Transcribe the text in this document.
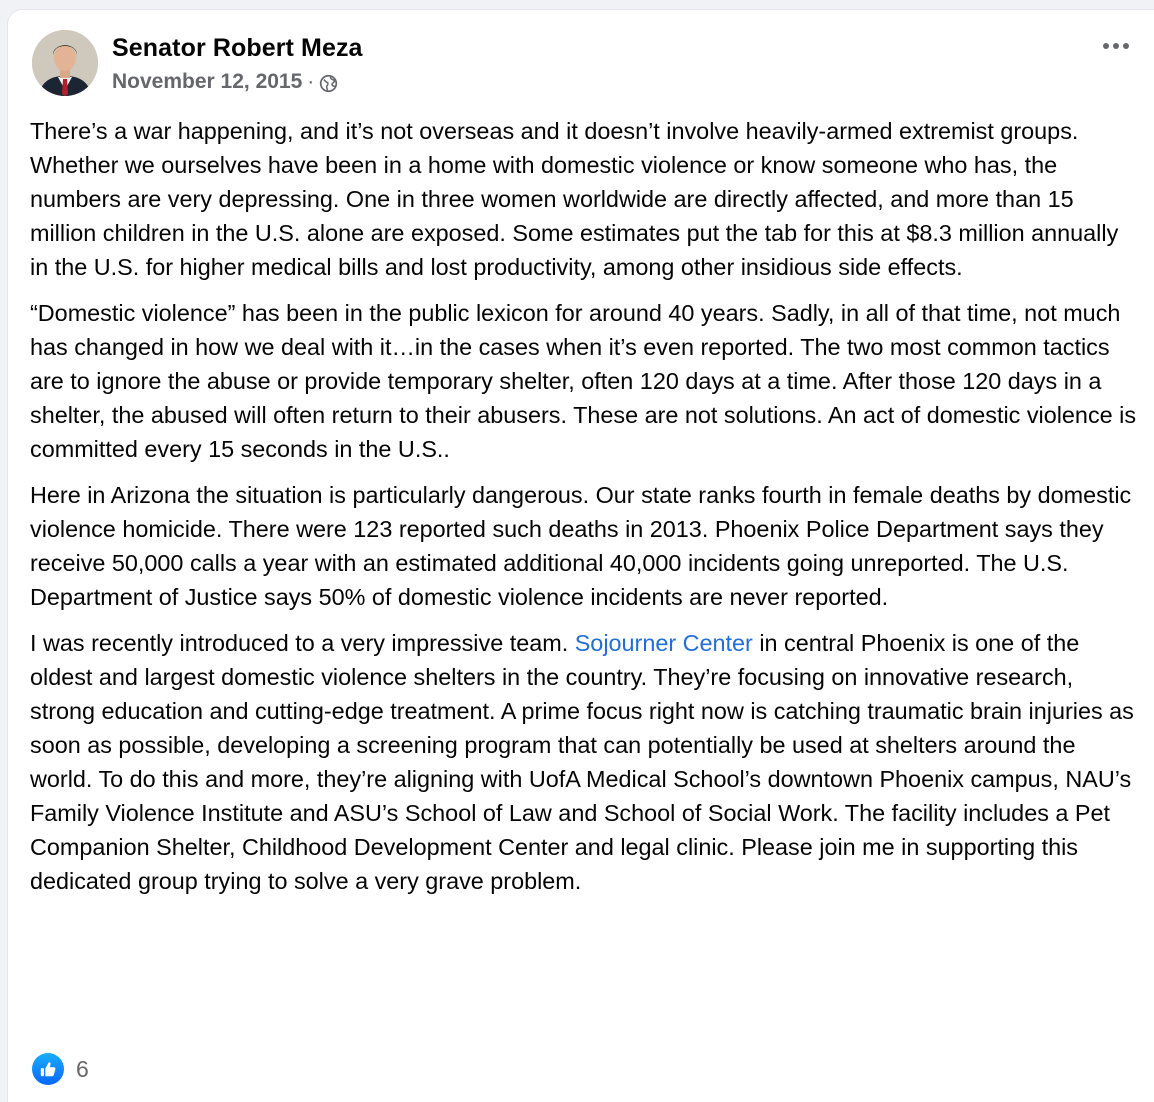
Senator Robert Meza
November 12, 2015 ·

There’s a war happening, and it’s not overseas and it doesn’t involve heavily-armed extremist groups. Whether we ourselves have been in a home with domestic violence or know someone who has, the numbers are very depressing. One in three women worldwide are directly affected, and more than 15 million children in the U.S. alone are exposed. Some estimates put the tab for this at $8.3 million annually in the U.S. for higher medical bills and lost productivity, among other insidious side effects.

“Domestic violence” has been in the public lexicon for around 40 years. Sadly, in all of that time, not much has changed in how we deal with it…in the cases when it’s even reported. The two most common tactics are to ignore the abuse or provide temporary shelter, often 120 days at a time. After those 120 days in a shelter, the abused will often return to their abusers. These are not solutions. An act of domestic violence is committed every 15 seconds in the U.S..

Here in Arizona the situation is particularly dangerous. Our state ranks fourth in female deaths by domestic violence homicide. There were 123 reported such deaths in 2013. Phoenix Police Department says they receive 50,000 calls a year with an estimated additional 40,000 incidents going unreported. The U.S. Department of Justice says 50% of domestic violence incidents are never reported.

I was recently introduced to a very impressive team. Sojourner Center in central Phoenix is one of the oldest and largest domestic violence shelters in the country. They’re focusing on innovative research, strong education and cutting-edge treatment. A prime focus right now is catching traumatic brain injuries as soon as possible, developing a screening program that can potentially be used at shelters around the world. To do this and more, they’re aligning with UofA Medical School’s downtown Phoenix campus, NAU’s Family Violence Institute and ASU’s School of Law and School of Social Work. The facility includes a Pet Companion Shelter, Childhood Development Center and legal clinic. Please join me in supporting this dedicated group trying to solve a very grave problem.

6
